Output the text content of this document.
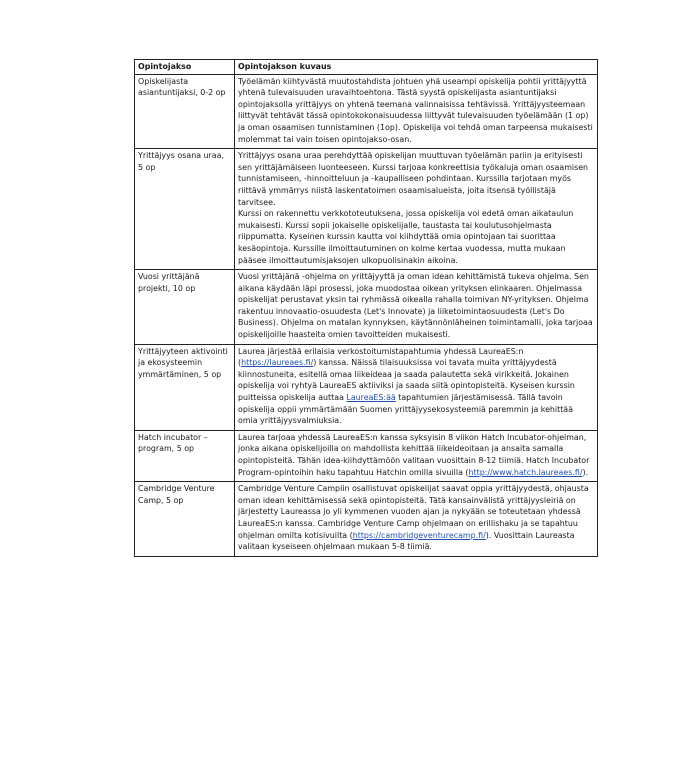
Opintojakso	Opintojakson kuvaus
Opiskelijasta asiantuntijaksi, 0-2 op	Työelämän kiihtyvästä muutostahdista johtuen yhä useampi opiskelija pohtii yrittäjyyttä yhtenä tulevaisuuden uravaihtoehtona. Tästä syystä opiskelijasta asiantuntijaksi opintojaksolla yrittäjyys on yhtenä teemana valinnaisissa tehtävissä. Yrittäjyysteemaan liittyvät tehtävät tässä opintokokonaisuudessa liittyvät tulevaisuuden työelämään (1 op) ja oman osaamisen tunnistaminen (1op). Opiskelija voi tehdä oman tarpeensa mukaisesti molemmat tai vain toisen opintojakso-osan.
Yrittäjyys osana uraa, 5 op	Yrittäjyys osana uraa perehdyttää opiskelijan muuttuvan työelämän pariin ja erityisesti sen yrittäjämäiseen luonteeseen. Kurssi tarjoaa konkreettisia työkaluja oman osaamisen tunnistamiseen, -hinnoitteluun ja -kaupalliseen pohdintaan. Kurssilla tarjotaan myös riittävä ymmärrys niistä laskentatoimen osaamisalueista, joita itsensä työllistäjä tarvitsee.
Kurssi on rakennettu verkkototeutuksena, jossa opiskelija voi edetä oman aikataulun mukaisesti. Kurssi sopii jokaiselle opiskelijalle, taustasta tai koulutusohjelmasta riippumatta. Kyseinen kurssin kautta voi kiihdyttää omia opintojaan tai suorittaa kesäopintoja. Kurssille ilmoittautuminen on kolme kertaa vuodessa, mutta mukaan pääsee ilmoittautumisjaksojen ulkopuolisinakin aikoina.
Vuosi yrittäjänä projekti, 10 op	Vuosi yrittäjänä -ohjelma on yrittäjyyttä ja oman idean kehittämistä tukeva ohjelma. Sen aikana käydään läpi prosessi, joka muodostaa oikean yrityksen elinkaaren. Ohjelmassa opiskelijat perustavat yksin tai ryhmässä oikealla rahalla toimivan NY-yrityksen. Ohjelma rakentuu innovaatio-osuudesta (Let's Innovate) ja liiketoimintaosuudesta (Let's Do Business). Ohjelma on matalan kynnyksen, käytännönläheinen toimintamalli, joka tarjoaa opiskelijoille haasteita omien tavoitteiden mukaisesti.
Yrittäjyyteen aktivointi ja ekosysteemin ymmärtäminen, 5 op	Laurea järjestää erilaisia verkostoitumistapahtumia yhdessä LaureaES:n (https://laureaes.fi/) kanssa. Näissä tilaisuuksissa voi tavata muita yrittäjyydestä kiinnostuneita, esitellä omaa liikeideaa ja saada palautetta sekä virikkeitä. Jokainen opiskelija voi ryhtyä LaureaES aktiiviksi ja saada siitä opintopisteitä. Kyseisen kurssin puitteissa opiskelija auttaa LaureaES:ää tapahtumien järjestämisessä. Tällä tavoin opiskelija oppii ymmärtämään Suomen yrittäjyysekosysteemiä paremmin ja kehittää omia yrittäjyysvalmiuksia.
Hatch incubator – program, 5 op	Laurea tarjoaa yhdessä LaureaES:n kanssa syksyisin 8 viikon Hatch Incubator-ohjelman, jonka aikana opiskelijoilla on mahdollista kehittää liikeideoitaan ja ansaita samalla opintopisteitä. Tähän idea-kiihdyttämöön valitaan vuosittain 8-12 tiimiä. Hatch Incubator Program-opintoihin haku tapahtuu Hatchin omilla sivuilla (http://www.hatch.laureaes.fi/).
Cambridge Venture Camp, 5 op	Cambridge Venture Campiin osallistuvat opiskelijat saavat oppia yrittäjyydestä, ohjausta oman idean kehittämisessä sekä opintopisteitä. Tätä kansainvälistä yrittäjyysleiriä on järjestetty Laureassa jo yli kymmenen vuoden ajan ja nykyään se toteutetaan yhdessä LaureaES:n kanssa. Cambridge Venture Camp ohjelmaan on erillishaku ja se tapahtuu ohjelman omilta kotisivuilta (https://cambridgeventurecamp.fi/). Vuosittain Laureasta valitaan kyseiseen ohjelmaan mukaan 5-8 tiimiä.
